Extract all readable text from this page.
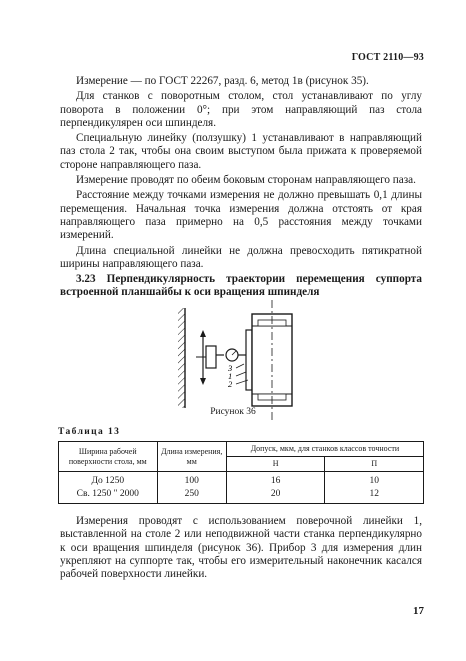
ГОСТ 2110—93

Измерение — по ГОСТ 22267, разд. 6, метод 1в (рисунок 35).

Для станков с поворотным столом, стол устанавливают по углу поворота в положении 0°; при этом направляющий паз стола перпендикулярен оси шпинделя.

Специальную линейку (ползушку) 1 устанавливают в направляющий паз стола 2 так, чтобы она своим выступом была прижата к проверяемой стороне направляющего паза.

Измерение проводят по обеим боковым сторонам направляющего паза.

Расстояние между точками измерения не должно превышать 0,1 длины перемещения. Начальная точка измерения должна отстоять от края направляющего паза примерно на 0,5 расстояния между точками измерений.

Длина специальной линейки не должна превосходить пятикратной ширины направляющего паза.

3.23 Перпендикулярность траектории перемещения суппорта встроенной планшайбы к оси вращения шпинделя

3
1
2
Рисунок 36
Таблица 13
Ширина рабочей поверхности стола, мм	Длина измерения, мм	Допуск, мкм, для станков классов точности	
		Н	П
До 1250	100	16	10
Св. 1250 " 2000	250	20	12

Измерения проводят с использованием поверочной линейки 1, выставленной на столе 2 или неподвижной части станка перпендикулярно к оси вращения шпинделя (рисунок 36). Прибор 3 для измерения длин укрепляют на суппорте так, чтобы его измерительный наконечник касался рабочей поверхности линейки.

17
